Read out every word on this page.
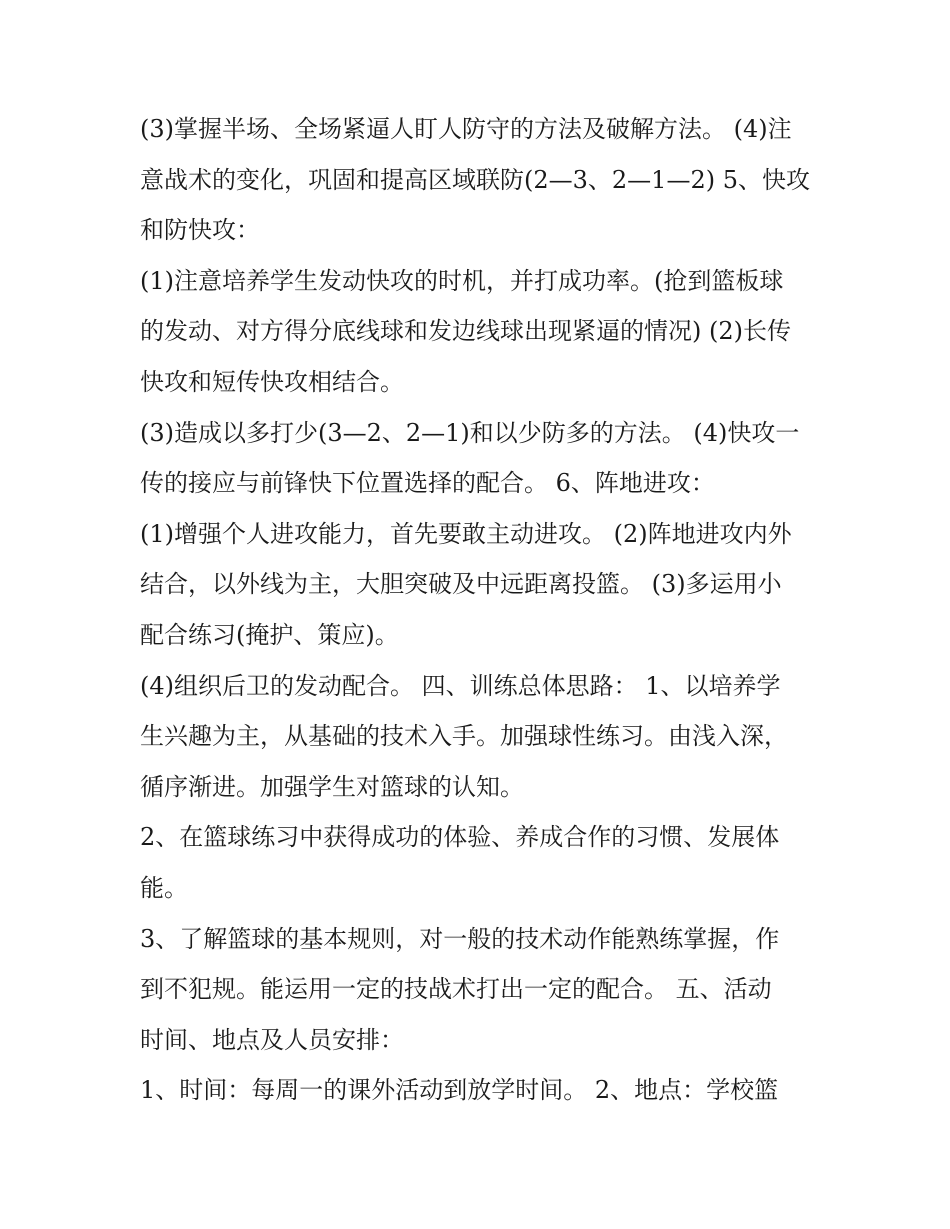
(3)掌握半场、全场紧逼人盯人防守的方法及破解方法。 (4)注
意战术的变化，巩固和提高区域联防(2—3、2—1—2) 5、快攻
和防快攻：

(1)注意培养学生发动快攻的时机，并打成功率。(抢到篮板球
的发动、对方得分底线球和发边线球出现紧逼的情况) (2)长传
快攻和短传快攻相结合。

(3)造成以多打少(3—2、2—1)和以少防多的方法。 (4)快攻一
传的接应与前锋快下位置选择的配合。 6、阵地进攻：

(1)增强个人进攻能力，首先要敢主动进攻。 (2)阵地进攻内外
结合，以外线为主，大胆突破及中远距离投篮。 (3)多运用小
配合练习(掩护、策应)。

(4)组织后卫的发动配合。 四、训练总体思路： 1、以培养学
生兴趣为主，从基础的技术入手。加强球性练习。由浅入深，
循序渐进。加强学生对篮球的认知。

2、在篮球练习中获得成功的体验、养成合作的习惯、发展体
能。

3、了解篮球的基本规则，对一般的技术动作能熟练掌握，作
到不犯规。能运用一定的技战术打出一定的配合。 五、活动
时间、地点及人员安排：

1、时间：每周一的课外活动到放学时间。 2、地点：学校篮
